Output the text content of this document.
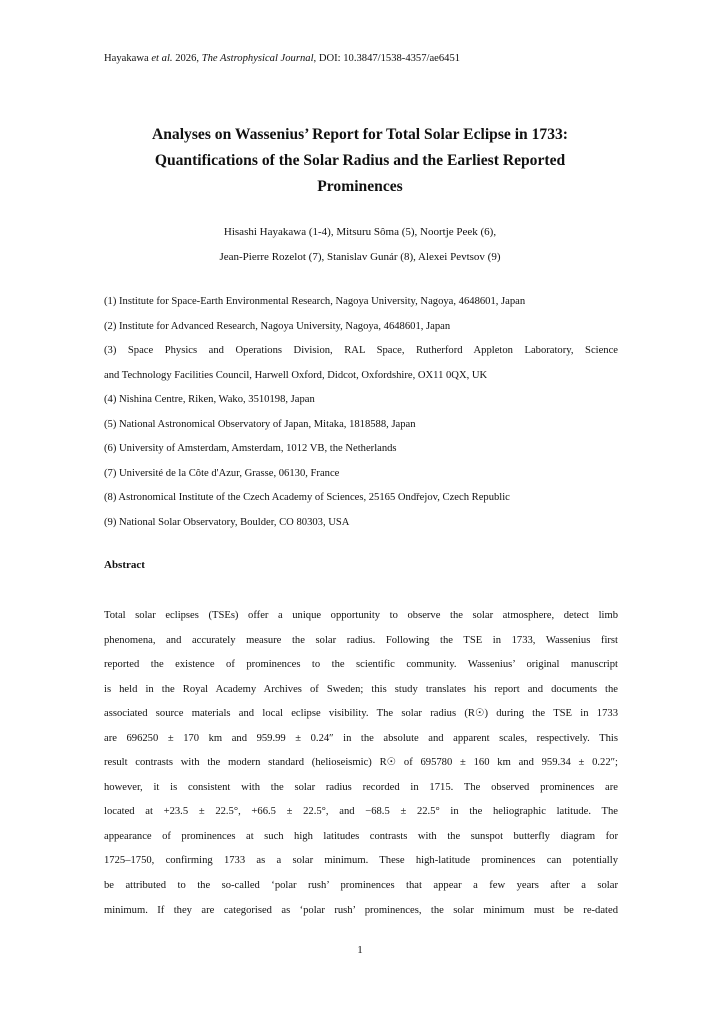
Hayakawa et al. 2026, The Astrophysical Journal, DOI: 10.3847/1538-4357/ae6451
Analyses on Wassenius’ Report for Total Solar Eclipse in 1733:
Quantifications of the Solar Radius and the Earliest Reported
Prominences
Hisashi Hayakawa (1-4), Mitsuru Sôma (5), Noortje Peek (6),
Jean-Pierre Rozelot (7), Stanislav Gunár (8), Alexei Pevtsov (9)
(1) Institute for Space-Earth Environmental Research, Nagoya University, Nagoya, 4648601, Japan
(2) Institute for Advanced Research, Nagoya University, Nagoya, 4648601, Japan
(3) Space Physics and Operations Division, RAL Space, Rutherford Appleton Laboratory, Science
and Technology Facilities Council, Harwell Oxford, Didcot, Oxfordshire, OX11 0QX, UK
(4) Nishina Centre, Riken, Wako, 3510198, Japan
(5) National Astronomical Observatory of Japan, Mitaka, 1818588, Japan
(6) University of Amsterdam, Amsterdam, 1012 VB, the Netherlands
(7) Université de la Côte d'Azur, Grasse, 06130, France
(8) Astronomical Institute of the Czech Academy of Sciences, 25165 Ondřejov, Czech Republic
(9) National Solar Observatory, Boulder, CO 80303, USA
Abstract
Total solar eclipses (TSEs) offer a unique opportunity to observe the solar atmosphere, detect limb
phenomena, and accurately measure the solar radius. Following the TSE in 1733, Wassenius first
reported the existence of prominences to the scientific community. Wassenius’ original manuscript
is held in the Royal Academy Archives of Sweden; this study translates his report and documents the
associated source materials and local eclipse visibility. The solar radius (R☉) during the TSE in 1733
are 696250 ± 170 km and 959.99 ± 0.24″ in the absolute and apparent scales, respectively. This
result contrasts with the modern standard (helioseismic) R☉ of 695780 ± 160 km and 959.34 ± 0.22″;
however, it is consistent with the solar radius recorded in 1715. The observed prominences are
located at +23.5 ± 22.5°, +66.5 ± 22.5°, and −68.5 ± 22.5° in the heliographic latitude. The
appearance of prominences at such high latitudes contrasts with the sunspot butterfly diagram for
1725–1750, confirming 1733 as a solar minimum. These high-latitude prominences can potentially
be attributed to the so-called ‘polar rush’ prominences that appear a few years after a solar
minimum. If they are categorised as ‘polar rush’ prominences, the solar minimum must be re-dated
1
